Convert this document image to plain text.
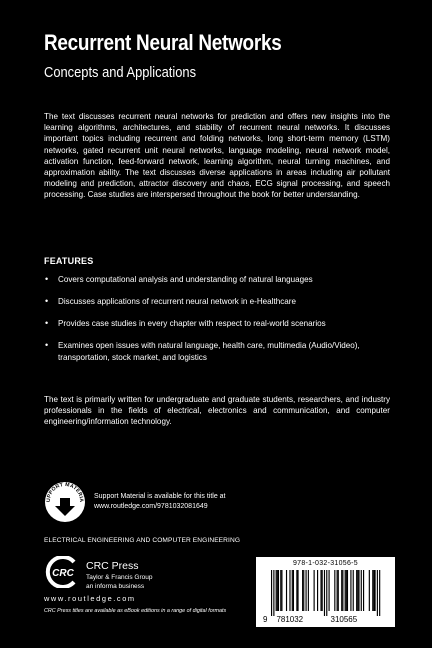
Recurrent Neural Networks
Concepts and Applications

The text discusses recurrent neural networks for prediction and offers new insights into the learning algorithms, architectures, and stability of recurrent neural networks. It discusses important topics including recurrent and folding networks, long short-term memory (LSTM) networks, gated recurrent unit neural networks, language modeling, neural network model, activation function, feed-forward network, learning algorithm, neural turning machines, and approximation ability. The text discusses diverse applications in areas including air pollutant modeling and prediction, attractor discovery and chaos, ECG signal processing, and speech processing. Case studies are interspersed throughout the book for better understanding.

FEATURES
• Covers computational analysis and understanding of natural languages
• Discusses applications of recurrent neural network in e-Healthcare
• Provides case studies in every chapter with respect to real-world scenarios
• Examines open issues with natural language, health care, multimedia (Audio/Video), transportation, stock market, and logistics

The text is primarily written for undergraduate and graduate students, researchers, and industry professionals in the fields of electrical, electronics and communication, and computer engineering/information technology.

UPPORT MATERIA
Support Material is available for this title at
www.routledge.com/9781032081649
ELECTRICAL ENGINEERING AND COMPUTER ENGINEERING
CRC
CRC Press
Taylor & Francis Group
an informa business
www.routledge.com
CRC Press titles are available as eBook editions in a range of digital formats
978-1-032-31056-5
9 781032	310565
